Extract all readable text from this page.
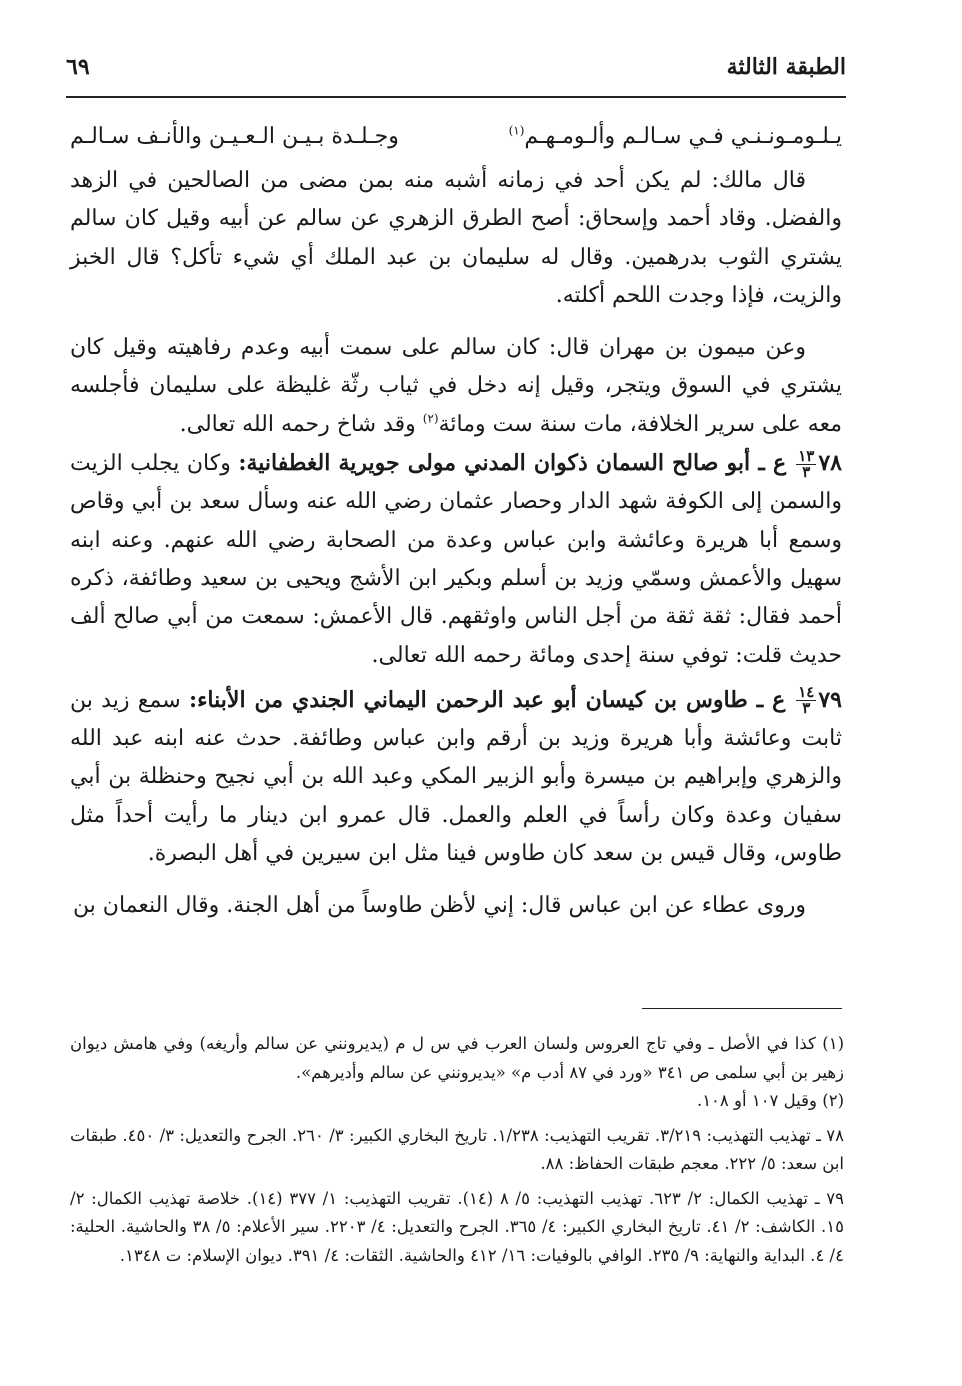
الطبقة الثالثة
٦٩
يـلـومـونـنـي فـي سـالـم وألـومـهـم$^{(١)}$
وجـلـدة بـيـن الـعـيـن والأنـف سـالـم

قال مالك: لم يكن أحد في زمانه أشبه منه بمن مضى من الصالحين في الزهد والفضل. وقاد أحمد وإسحاق: أصح الطرق الزهري عن سالم عن أبيه وقيل كان سالم يشتري الثوب بدرهمين. وقال له سليمان بن عبد الملك أي شيء تأكل؟ قال الخبز والزيت، فإذا وجدت اللحم أكلته.

وعن ميمون بن مهران قال: كان سالم على سمت أبيه وعدم رفاهيته وقيل كان يشتري في السوق ويتجر، وقيل إنه دخل في ثياب رثّة غليظة على سليمان فأجلسه معه على سرير الخلافة، مات سنة ست ومائة$^{(٢)}$ وقد شاخ رحمه الله تعالى.

٧٨
$\frac{١٣}{٣}$
ع ـ أبو صالح السمان ذكوان المدني مولى جويرية الغطفانية: وكان يجلب الزيت والسمن إلى الكوفة شهد الدار وحصار عثمان رضي الله عنه وسأل سعد بن أبي وقاص وسمع أبا هريرة وعائشة وابن عباس وعدة من الصحابة رضي الله عنهم. وعنه ابنه سهيل والأعمش وسمّي وزيد بن أسلم وبكير ابن الأشج ويحيى بن سعيد وطائفة، ذكره أحمد فقال: ثقة ثقة من أجل الناس واوثقهم. قال الأعمش: سمعت من أبي صالح ألف حديث قلت: توفي سنة إحدى ومائة رحمه الله تعالى.

٧٩
$\frac{١٤}{٣}$
ع ـ طاوس بن كيسان أبو عبد الرحمن اليماني الجندي من الأبناء: سمع زيد بن ثابت وعائشة وأبا هريرة وزيد بن أرقم وابن عباس وطائفة. حدث عنه ابنه عبد الله والزهري وإبراهيم بن ميسرة وأبو الزبير المكي وعبد الله بن أبي نجيح وحنظلة بن أبي سفيان وعدة وكان رأساً في العلم والعمل. قال عمرو ابن دينار ما رأيت أحداً مثل طاوس، وقال قيس بن سعد كان طاوس فينا مثل ابن سيرين في أهل البصرة.

وروى عطاء عن ابن عباس قال: إني لأظن طاوساً من أهل الجنة. وقال النعمان بن

(١) كذا في الأصل ـ وفي تاج العروس ولسان العرب في س ل م (يديرونني عن سالم وأريغه) وفي هامش ديوان زهير بن أبي سلمى ص ٣٤١ «ورد في ٨٧ أدب م» «يديرونني عن سالم وأديرهم».

(٢) وقيل ١٠٧ أو ١٠٨.

٧٨ ـ تهذيب التهذيب: ٣/٢١٩. تقريب التهذيب: ١/٢٣٨. تاريخ البخاري الكبير: ٣/ ٢٦٠. الجرح والتعديل: ٣/ ٤٥٠. طبقات ابن سعد: ٥/ ٢٢٢. معجم طبقات الحفاظ: ٨٨.

٧٩ ـ تهذيب الكمال: ٢/ ٦٢٣. تهذيب التهذيب: ٥/ ٨ (١٤). تقريب التهذيب: ١/ ٣٧٧ (١٤). خلاصة تهذيب الكمال: ٢/ ١٥. الكاشف: ٢/ ٤١. تاريخ البخاري الكبير: ٤/ ٣٦٥. الجرح والتعديل: ٤/ ٢٢٠٣. سير الأعلام: ٥/ ٣٨ والحاشية. الحلية: ٤/ ٤. البداية والنهاية: ٩/ ٢٣٥. الوافي بالوفيات: ١٦/ ٤١٢ والحاشية. الثقات: ٤/ ٣٩١. ديوان الإسلام: ت ١٣٤٨.
